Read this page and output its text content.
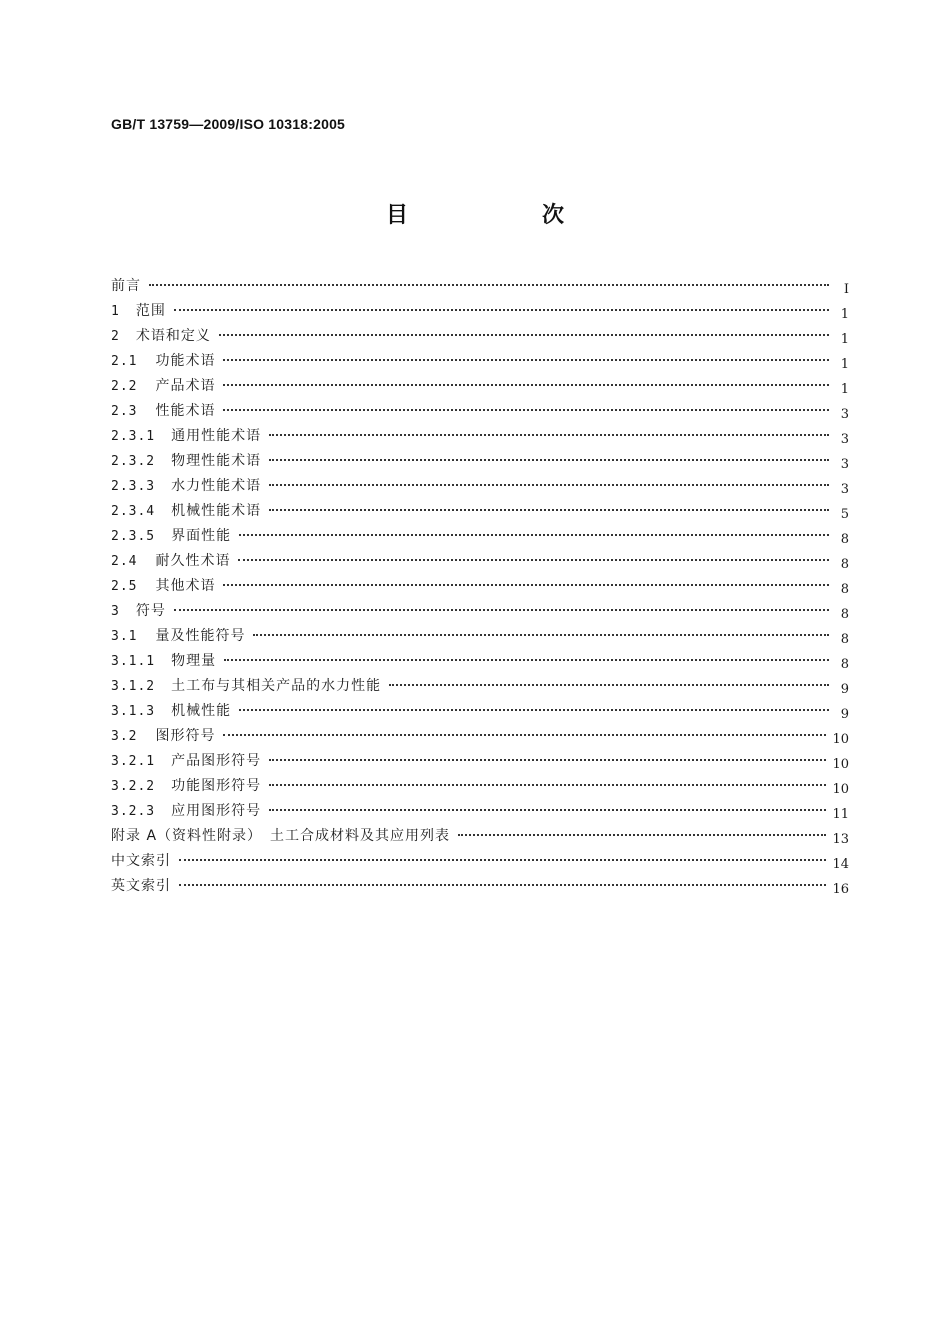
GB/T 13759—2009/ISO 10318:2005
目　次
前言	I
1 范围	1
2 术语和定义	1
2.1 功能术语	1
2.2 产品术语	1
2.3 性能术语	3
2.3.1 通用性能术语	3
2.3.2 物理性能术语	3
2.3.3 水力性能术语	3
2.3.4 机械性能术语	5
2.3.5 界面性能	8
2.4 耐久性术语	8
2.5 其他术语	8
3 符号	8
3.1 量及性能符号	8
3.1.1 物理量	8
3.1.2 土工布与其相关产品的水力性能	9
3.1.3 机械性能	9
3.2 图形符号	10
3.2.1 产品图形符号	10
3.2.2 功能图形符号	10
3.2.3 应用图形符号	11
附录 A（资料性附录）　土工合成材料及其应用列表	13
中文索引	14
英文索引	16
